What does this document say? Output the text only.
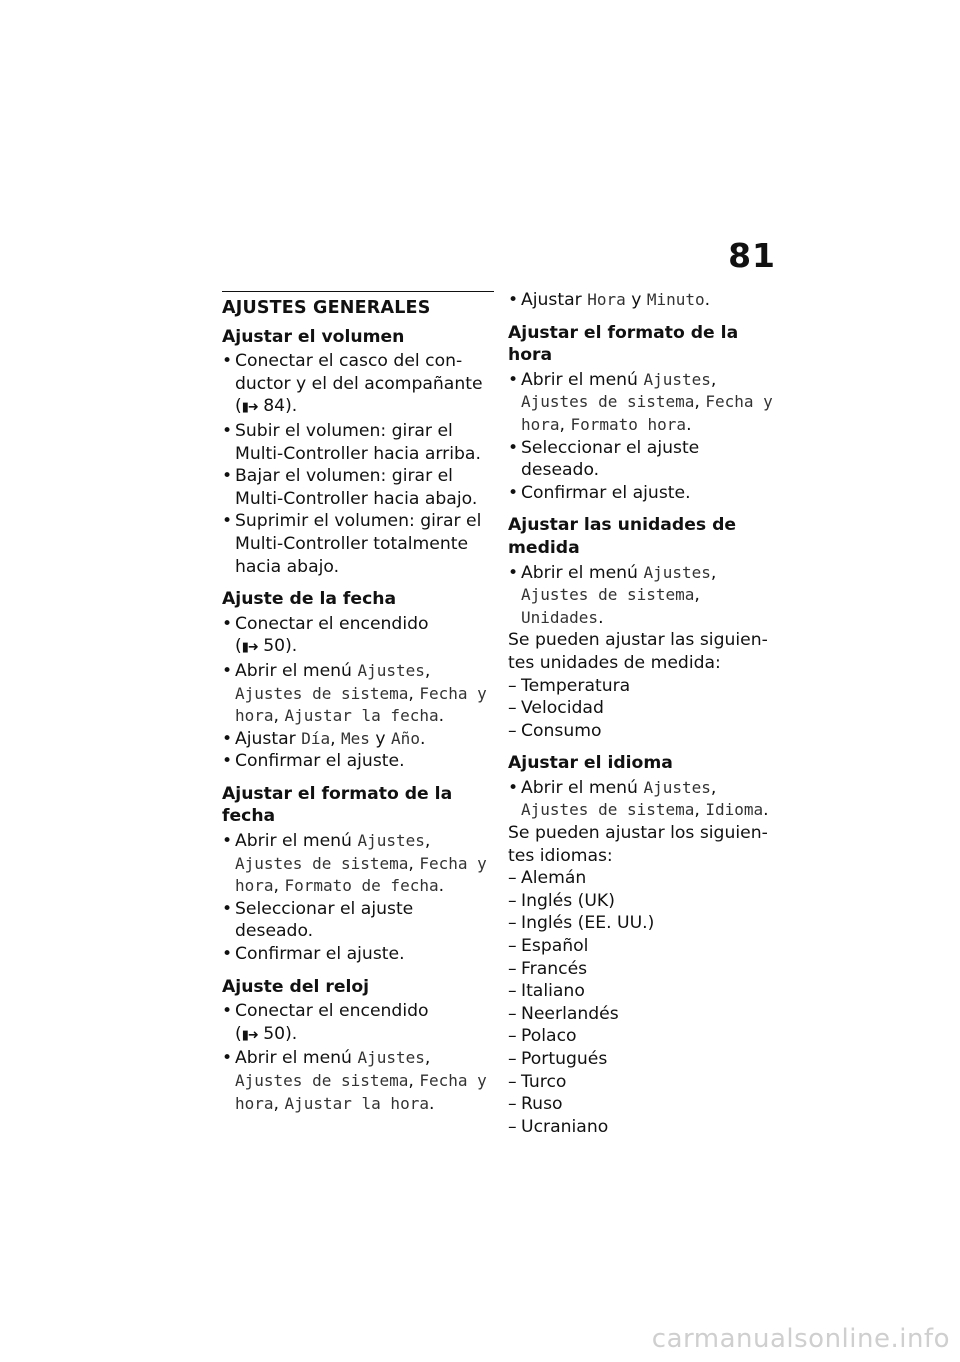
81
AJUSTES GENERALES
Ajustar el volumen
• Conectar el casco del con-ductor y el del acompañante
(▮➜ 84).
• Subir el volumen: girar el Multi-Controller hacia arriba.
• Bajar el volumen: girar el Multi-Controller hacia abajo.
• Suprimir el volumen: girar el Multi-Controller totalmente hacia abajo.
Ajuste de la fecha
• Conectar el encendido
(▮➜ 50).
• Abrir el menú Ajustes, Ajustes de sistema, Fecha y hora, Ajustar la fecha.
• Ajustar Día, Mes y Año.
• Confirmar el ajuste.
Ajustar el formato de la fecha
• Abrir el menú Ajustes, Ajustes de sistema, Fecha y hora, Formato de fecha.
• Seleccionar el ajuste deseado.
• Confirmar el ajuste.
Ajuste del reloj
• Conectar el encendido
(▮➜ 50).
• Abrir el menú Ajustes, Ajustes de sistema, Fecha y hora, Ajustar la hora.
• Ajustar Hora y Minuto.
Ajustar el formato de la hora
• Abrir el menú Ajustes, Ajustes de sistema, Fecha y hora, Formato hora.
• Seleccionar el ajuste deseado.
• Confirmar el ajuste.
Ajustar las unidades de medida
• Abrir el menú Ajustes, Ajustes de sistema, Unidades.
Se pueden ajustar las siguien-tes unidades de medida:
– Temperatura
– Velocidad
– Consumo
Ajustar el idioma
• Abrir el menú Ajustes, Ajustes de sistema, Idioma.
Se pueden ajustar los siguien-tes idiomas:
– Alemán
– Inglés (UK)
– Inglés (EE. UU.)
– Español
– Francés
– Italiano
– Neerlandés
– Polaco
– Portugués
– Turco
– Ruso
– Ucraniano
carmanualsonline.info
